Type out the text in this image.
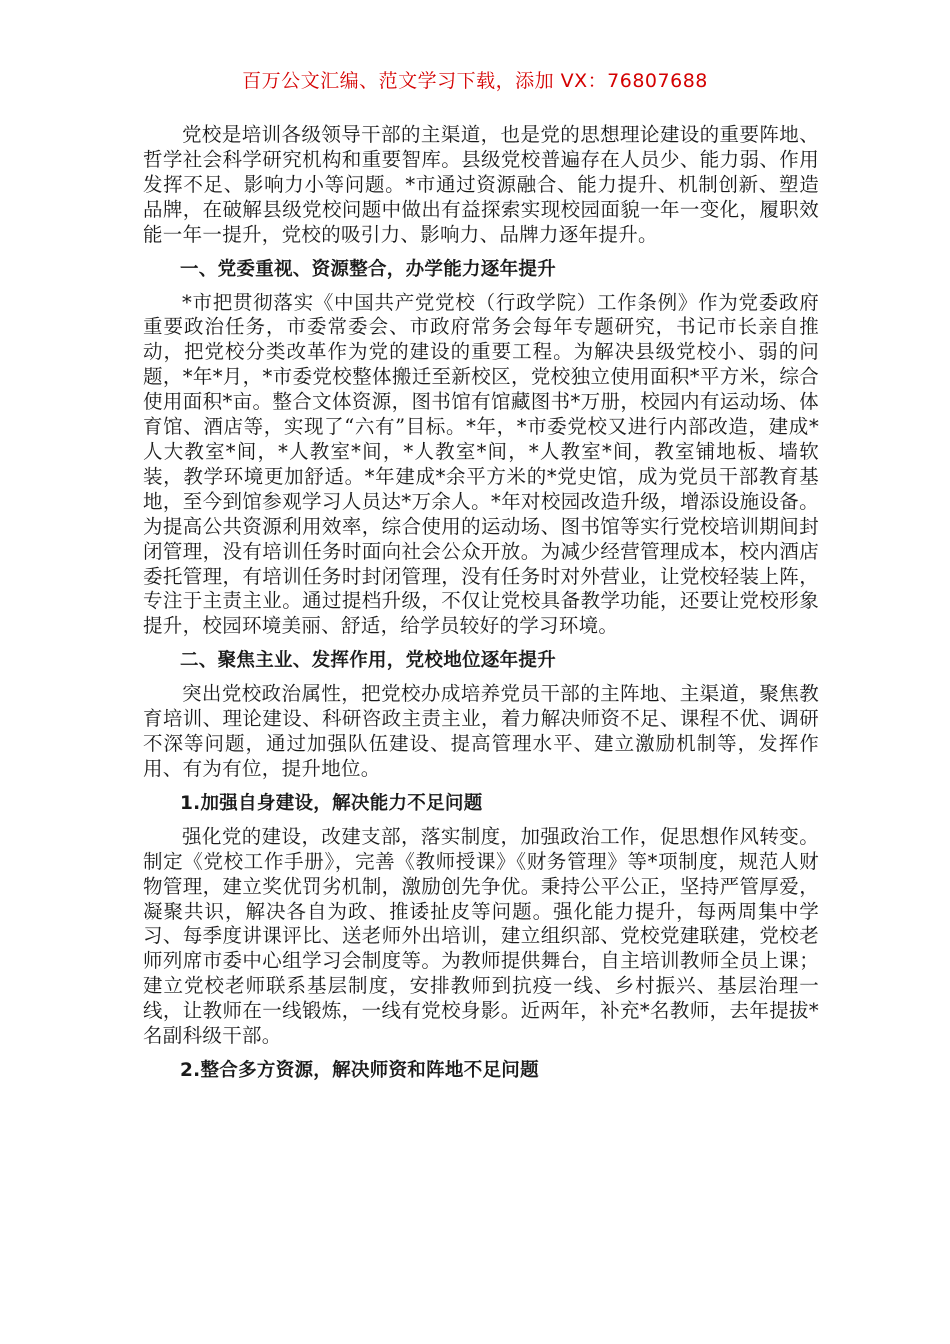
百万公文汇编、范文学习下载，添加 VX：76807688

党校是培训各级领导干部的主渠道，也是党的思想理论建设的重要阵地、哲学社会科学研究机构和重要智库。县级党校普遍存在人员少、能力弱、作用发挥不足、影响力小等问题。*市通过资源融合、能力提升、机制创新、塑造品牌，在破解县级党校问题中做出有益探索实现校园面貌一年一变化，履职效能一年一提升，党校的吸引力、影响力、品牌力逐年提升。

一、党委重视、资源整合，办学能力逐年提升

*市把贯彻落实《中国共产党党校（行政学院）工作条例》作为党委政府重要政治任务，市委常委会、市政府常务会每年专题研究，书记市长亲自推动，把党校分类改革作为党的建设的重要工程。为解决县级党校小、弱的问题，*年*月，*市委党校整体搬迁至新校区，党校独立使用面积*平方米，综合使用面积*亩。整合文体资源，图书馆有馆藏图书*万册，校园内有运动场、体育馆、酒店等，实现了“六有”目标。*年，*市委党校又进行内部改造，建成*人大教室*间，*人教室*间，*人教室*间，*人教室*间，教室铺地板、墙软装，教学环境更加舒适。*年建成*余平方米的*党史馆，成为党员干部教育基地，至今到馆参观学习人员达*万余人。*年对校园改造升级，增添设施设备。为提高公共资源利用效率，综合使用的运动场、图书馆等实行党校培训期间封闭管理，没有培训任务时面向社会公众开放。为减少经营管理成本，校内酒店委托管理，有培训任务时封闭管理，没有任务时对外营业，让党校轻装上阵，专注于主责主业。通过提档升级，不仅让党校具备教学功能，还要让党校形象提升，校园环境美丽、舒适，给学员较好的学习环境。

二、聚焦主业、发挥作用，党校地位逐年提升

突出党校政治属性，把党校办成培养党员干部的主阵地、主渠道，聚焦教育培训、理论建设、科研咨政主责主业，着力解决师资不足、课程不优、调研不深等问题，通过加强队伍建设、提高管理水平、建立激励机制等，发挥作用、有为有位，提升地位。

1.加强自身建设，解决能力不足问题

强化党的建设，改建支部，落实制度，加强政治工作，促思想作风转变。制定《党校工作手册》，完善《教师授课》《财务管理》等*项制度，规范人财物管理，建立奖优罚劣机制，激励创先争优。秉持公平公正，坚持严管厚爱，凝聚共识，解决各自为政、推诿扯皮等问题。强化能力提升，每两周集中学习、每季度讲课评比、送老师外出培训，建立组织部、党校党建联建，党校老师列席市委中心组学习会制度等。为教师提供舞台，自主培训教师全员上课；建立党校老师联系基层制度，安排教师到抗疫一线、乡村振兴、基层治理一线，让教师在一线锻炼，一线有党校身影。近两年，补充*名教师，去年提拔*名副科级干部。

2.整合多方资源，解决师资和阵地不足问题
